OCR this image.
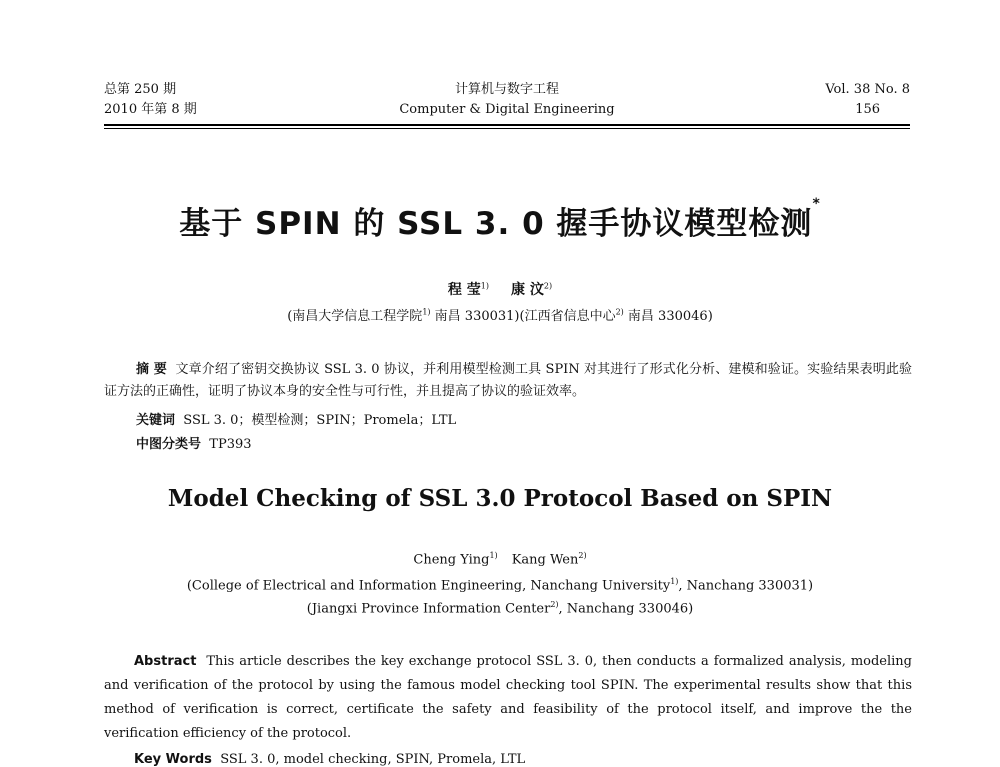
总第 250 期
2010 年第 8 期
计算机与数字工程
Computer & Digital Engineering
Vol. 38 No. 8
156
基于 SPIN 的 SSL 3. 0 握手协议模型检测*
程 莹$^{1)}$ 康 汶$^{2)}$
(南昌大学信息工程学院$^{1)}$ 南昌 330031)(江西省信息中心$^{2)}$ 南昌 330046)
摘 要 文章介绍了密钥交换协议 SSL 3. 0 协议，并利用模型检测工具 SPIN 对其进行了形式化分析、建模和验证。实验结果表明此验证方法的正确性，证明了协议本身的安全性与可行性，并且提高了协议的验证效率。
关键词 SSL 3. 0；模型检测；SPIN；Promela；LTL
中图分类号 TP393
Model Checking of SSL 3.0 Protocol Based on SPIN
Cheng Ying$^{1)}$ Kang Wen$^{2)}$
(College of Electrical and Information Engineering, Nanchang University$^{1)}$, Nanchang 330031)
(Jiangxi Province Information Center$^{2)}$, Nanchang 330046)
Abstract This article describes the key exchange protocol SSL 3. 0, then conducts a formalized analysis, modeling and verification of the protocol by using the famous model checking tool SPIN. The experimental results show that this method of verification is correct, certificate the safety and feasibility of the protocol itself, and improve the the verification efficiency of the protocol.
Key Words SSL 3. 0, model checking, SPIN, Promela, LTL
